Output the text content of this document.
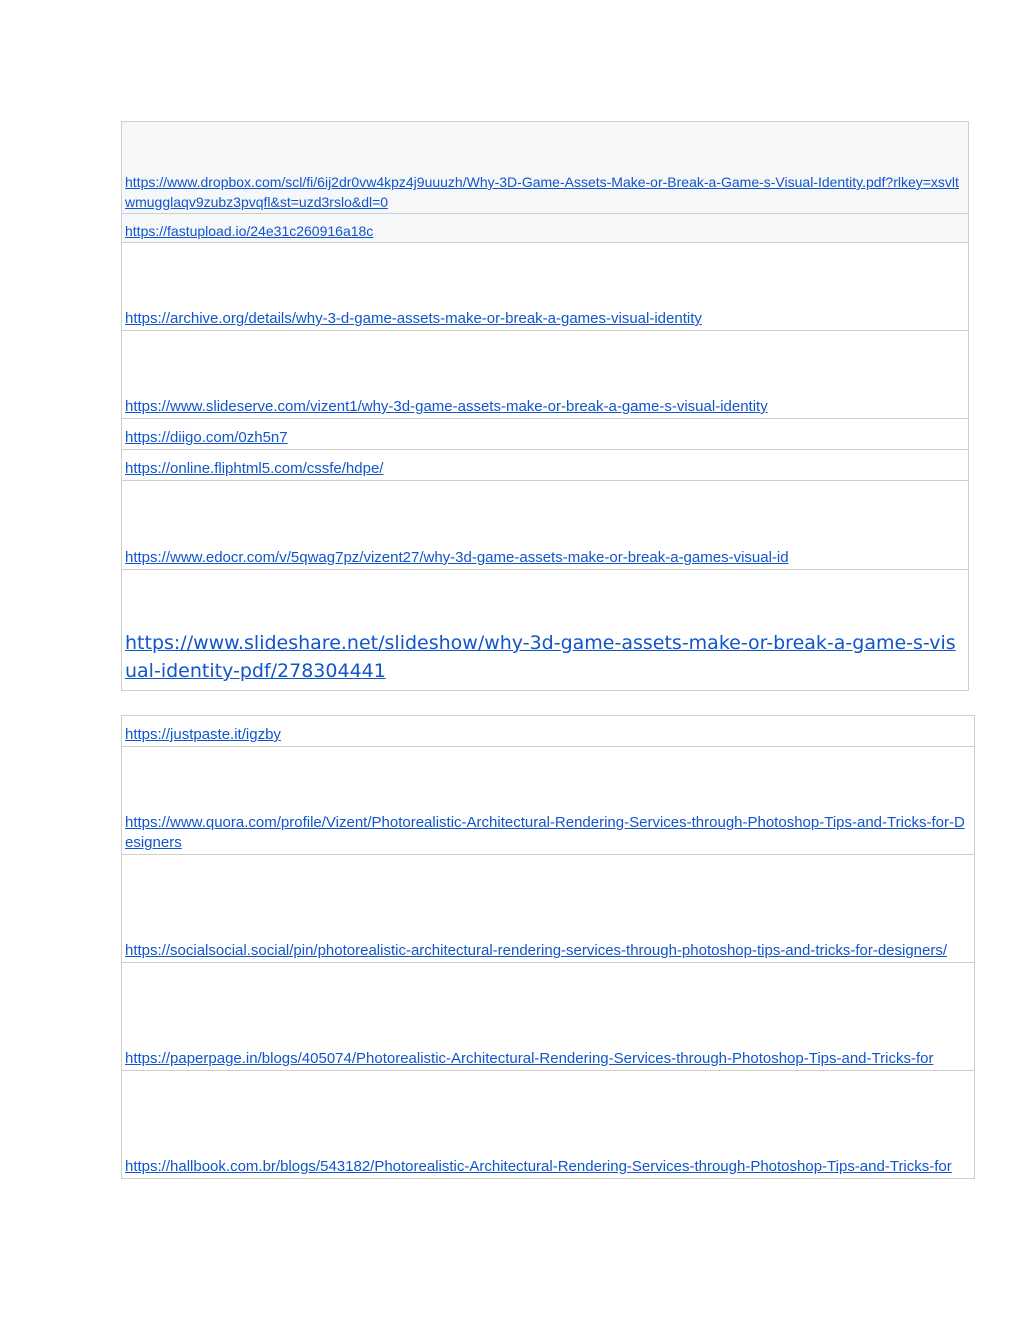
https://www.dropbox.com/scl/fi/6ij2dr0vw4kpz4j9uuuzh/Why-3D-Game-Assets-Make-or-Break-a-Game-s-Visual-Identity.pdf?rlkey=xsvltwmugglaqv9zubz3pvqfl&st=uzd3rslo&dl=0
https://fastupload.io/24e31c260916a18c
https://archive.org/details/why-3-d-game-assets-make-or-break-a-games-visual-identity
https://www.slideserve.com/vizent1/why-3d-game-assets-make-or-break-a-game-s-visual-identity
https://diigo.com/0zh5n7
https://online.fliphtml5.com/cssfe/hdpe/
https://www.edocr.com/v/5qwag7pz/vizent27/why-3d-game-assets-make-or-break-a-games-visual-id
https://www.slideshare.net/slideshow/why-3d-game-assets-make-or-break-a-game-s-visual-identity-pdf/278304441
https://justpaste.it/igzby
https://www.quora.com/profile/Vizent/Photorealistic-Architectural-Rendering-Services-through-Photoshop-Tips-and-Tricks-for-Designers
https://socialsocial.social/pin/photorealistic-architectural-rendering-services-through-photoshop-tips-and-tricks-for-designers/
https://paperpage.in/blogs/405074/Photorealistic-Architectural-Rendering-Services-through-Photoshop-Tips-and-Tricks-for
https://hallbook.com.br/blogs/543182/Photorealistic-Architectural-Rendering-Services-through-Photoshop-Tips-and-Tricks-for
